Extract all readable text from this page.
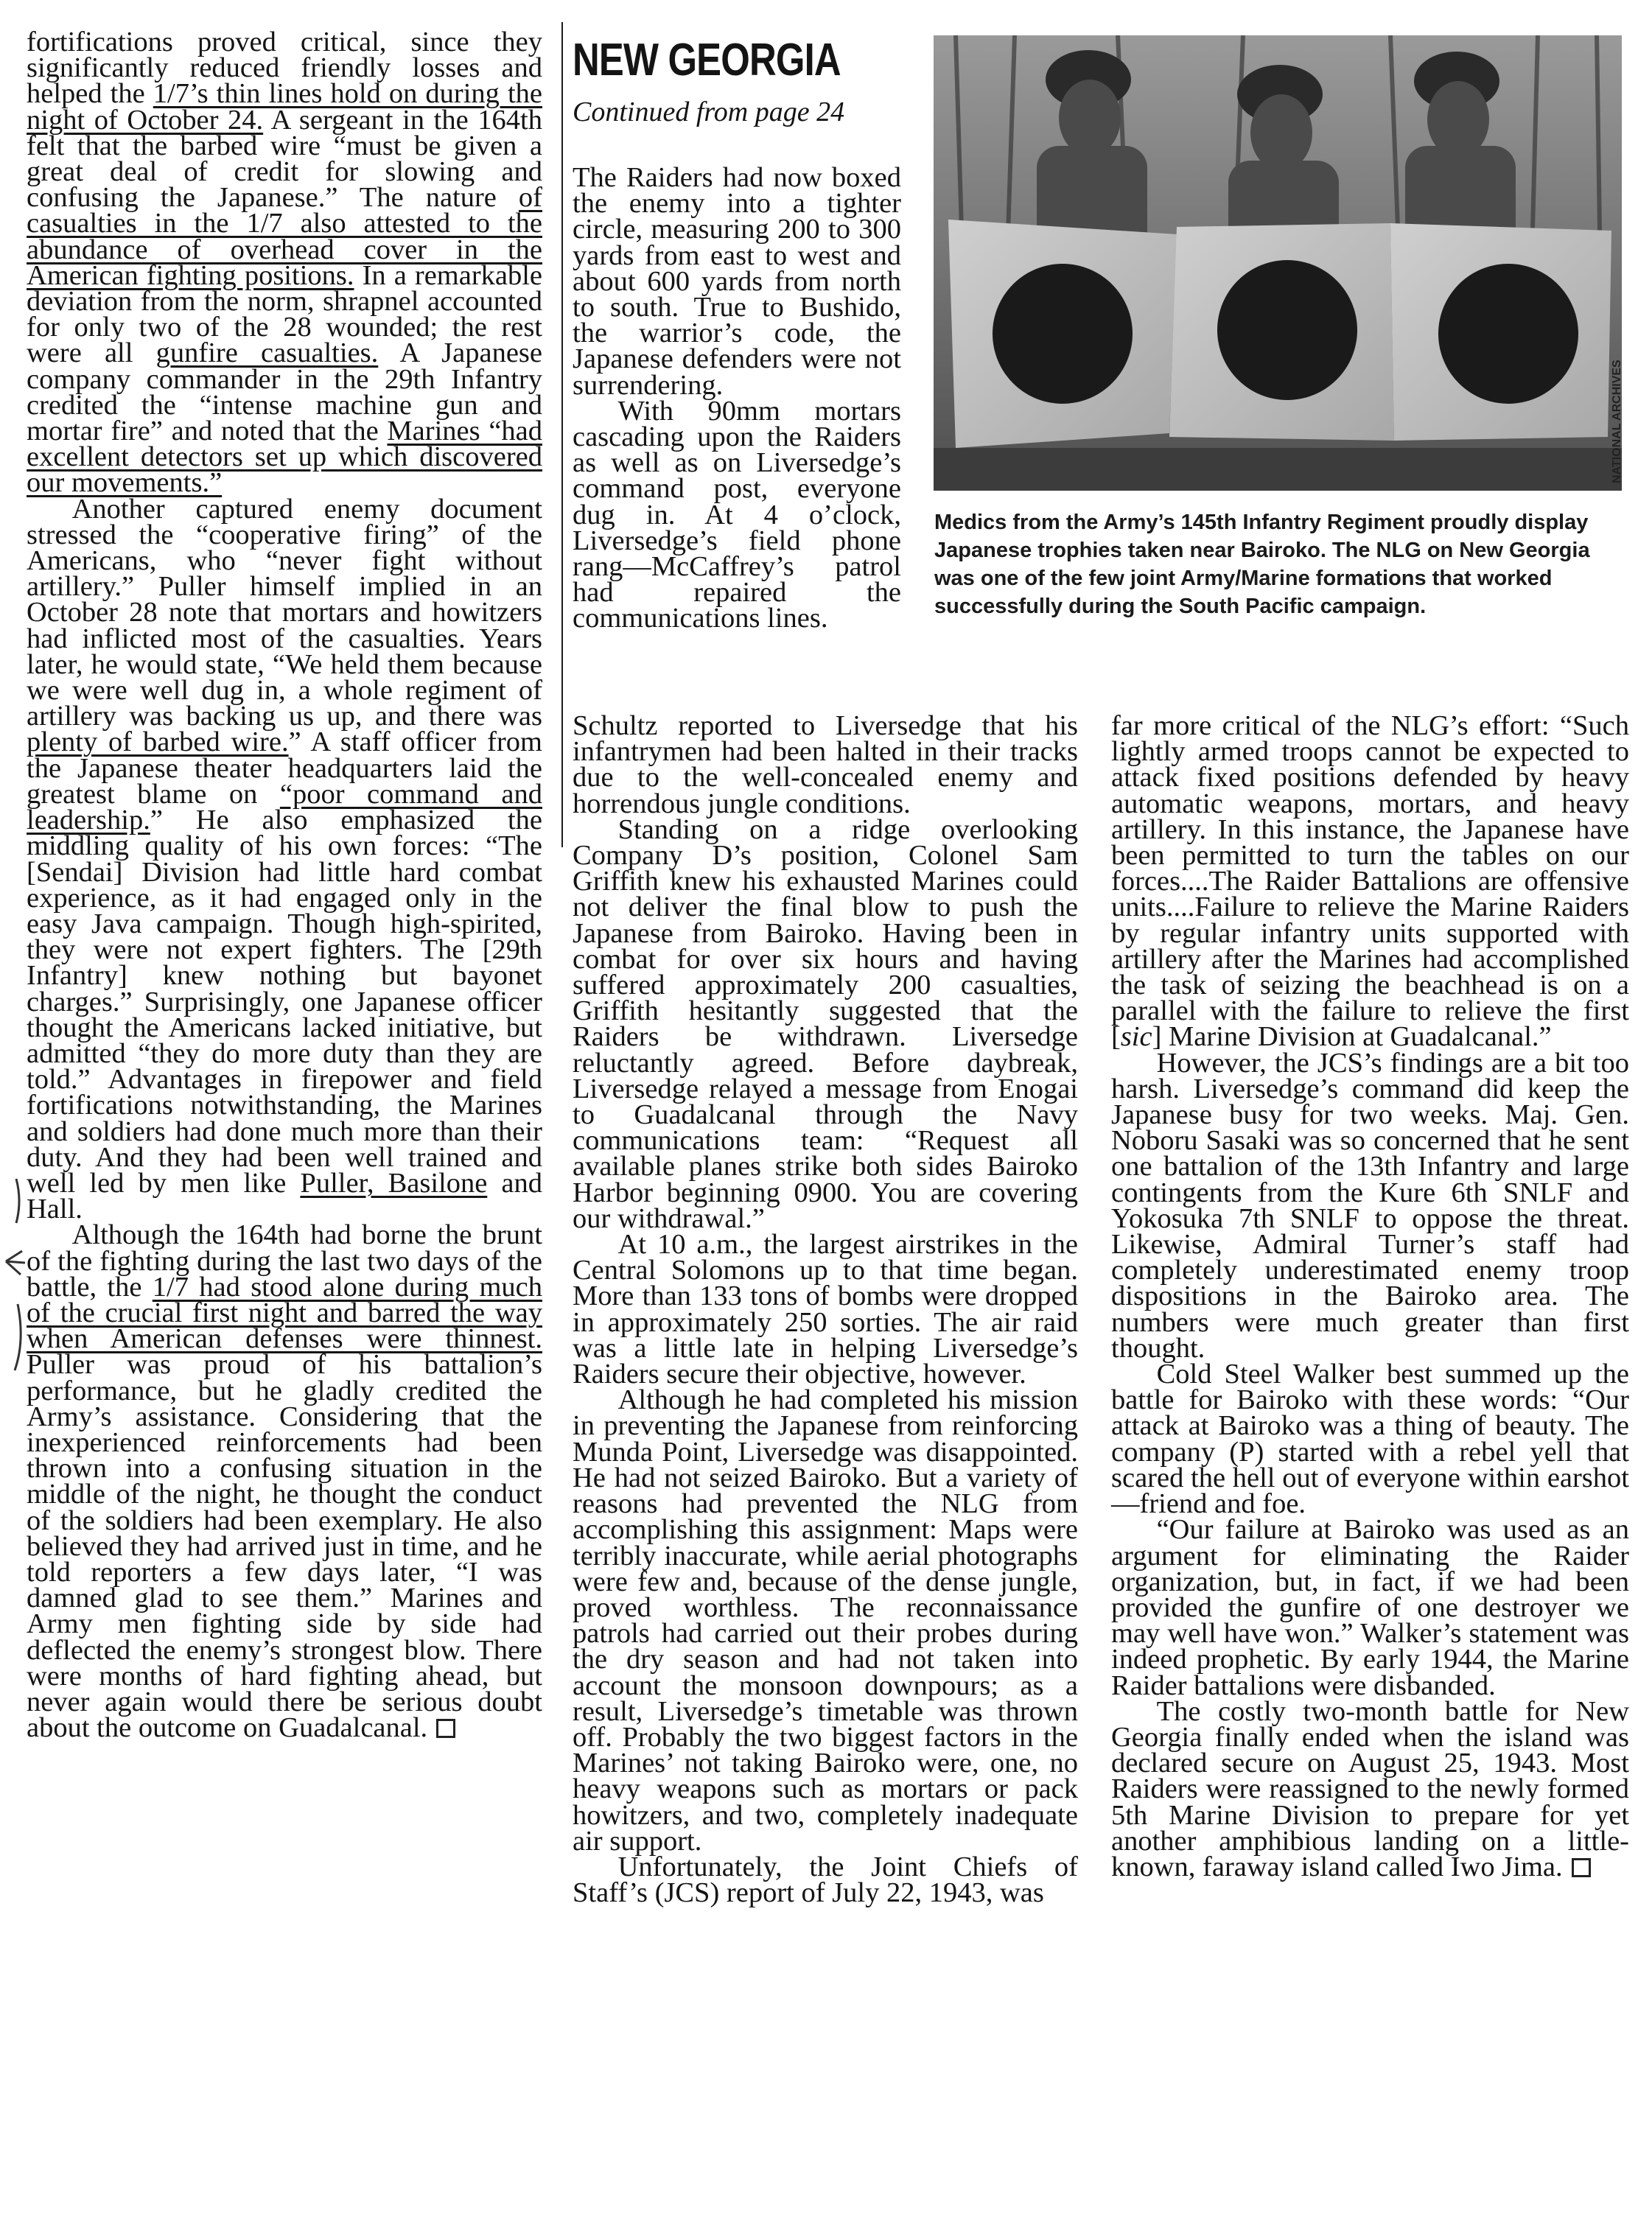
fortifications proved critical, since they significantly reduced friendly losses and helped the 1/7’s thin lines hold on during the night of October 24. A sergeant in the 164th felt that the barbed wire “must be given a great deal of credit for slowing and confusing the Japanese.” The nature of casualties in the 1/7 also attested to the abundance of overhead cover in the American fighting positions. In a remarkable deviation from the norm, shrapnel accounted for only two of the 28 wounded; the rest were all gunfire casualties. A Japanese company commander in the 29th Infantry credited the “intense machine gun and mortar fire” and noted that the Marines “had excellent detectors set up which discovered our movements.”

Another captured enemy document stressed the “cooperative firing” of the Americans, who “never fight without artillery.” Puller himself implied in an October 28 note that mortars and howitzers had inflicted most of the casualties. Years later, he would state, “We held them because we were well dug in, a whole regiment of artillery was backing us up, and there was plenty of barbed wire.” A staff officer from the Japanese theater headquarters laid the greatest blame on “poor command and leadership.” He also emphasized the middling quality of his own forces: “The [Sendai] Division had little hard combat experience, as it had engaged only in the easy Java campaign. Though high-spirited, they were not expert fighters. The [29th Infantry] knew nothing but bayonet charges.” Surprisingly, one Japanese officer thought the Americans lacked initiative, but admitted “they do more duty than they are told.” Advantages in firepower and field fortifications notwithstanding, the Marines and soldiers had done much more than their duty. And they had been well trained and well led by men like Puller, Basilone and Hall.

Although the 164th had borne the brunt of the fighting during the last two days of the battle, the 1/7 had stood alone during much of the crucial first night and barred the way when American defenses were thinnest. Puller was proud of his battalion’s performance, but he gladly credited the Army’s assistance. Considering that the inexperienced reinforcements had been thrown into a confusing situation in the middle of the night, he thought the conduct of the soldiers had been exemplary. He also believed they had arrived just in time, and he told reporters a few days later, “I was damned glad to see them.” Marines and Army men fighting side by side had deflected the enemy’s strongest blow. There were months of hard fighting ahead, but never again would there be serious doubt about the outcome on Guadalcanal.

NEW GEORGIA
Continued from page 24

The Raiders had now boxed the enemy into a tighter circle, measuring 200 to 300 yards from east to west and about 600 yards from north to south. True to Bushido, the warrior’s code, the Japanese defenders were not surrendering.

With 90mm mortars cascading upon the Raiders as well as on Liversedge’s command post, everyone dug in. At 4 o’clock, Liversedge’s field phone rang—McCaffrey’s patrol had repaired the communications lines.

NATIONAL ARCHIVES
Medics from the Army’s 145th Infantry Regiment proudly display Japanese trophies taken near Bairoko. The NLG on New Georgia was one of the few joint Army/Marine formations that worked successfully during the South Pacific campaign.

Schultz reported to Liversedge that his infantrymen had been halted in their tracks due to the well-concealed enemy and horrendous jungle conditions.

Standing on a ridge overlooking Company D’s position, Colonel Sam Griffith knew his exhausted Marines could not deliver the final blow to push the Japanese from Bairoko. Having been in combat for over six hours and having suffered approximately 200 casualties, Griffith hesitantly suggested that the Raiders be withdrawn. Liversedge reluctantly agreed. Before daybreak, Liversedge relayed a message from Enogai to Guadalcanal through the Navy communications team: “Request all available planes strike both sides Bairoko Harbor beginning 0900. You are covering our withdrawal.”

At 10 a.m., the largest airstrikes in the Central Solomons up to that time began. More than 133 tons of bombs were dropped in approximately 250 sorties. The air raid was a little late in helping Liversedge’s Raiders secure their objective, however.

Although he had completed his mission in preventing the Japanese from reinforcing Munda Point, Liversedge was disappointed. He had not seized Bairoko. But a variety of reasons had prevented the NLG from accomplishing this assignment: Maps were terribly inaccurate, while aerial photographs were few and, because of the dense jungle, proved worthless. The reconnaissance patrols had carried out their probes during the dry season and had not taken into account the monsoon downpours; as a result, Liversedge’s timetable was thrown off. Probably the two biggest factors in the Marines’ not taking Bairoko were, one, no heavy weapons such as mortars or pack howitzers, and two, completely inadequate air support.

Unfortunately, the Joint Chiefs of Staff’s (JCS) report of July 22, 1943, was

far more critical of the NLG’s effort: “Such lightly armed troops cannot be expected to attack fixed positions defended by heavy automatic weapons, mortars, and heavy artillery. In this instance, the Japanese have been permitted to turn the tables on our forces....The Raider Battalions are offensive units....Failure to relieve the Marine Raiders by regular infantry units supported with artillery after the Marines had accomplished the task of seizing the beachhead is on a parallel with the failure to relieve the first [sic] Marine Division at Guadalcanal.”

However, the JCS’s findings are a bit too harsh. Liversedge’s command did keep the Japanese busy for two weeks. Maj. Gen. Noboru Sasaki was so concerned that he sent one battalion of the 13th Infantry and large contingents from the Kure 6th SNLF and Yokosuka 7th SNLF to oppose the threat. Likewise, Admiral Turner’s staff had completely underestimated enemy troop dispositions in the Bairoko area. The numbers were much greater than first thought.

Cold Steel Walker best summed up the battle for Bairoko with these words: “Our attack at Bairoko was a thing of beauty. The company (P) started with a rebel yell that scared the hell out of everyone within earshot—friend and foe.

“Our failure at Bairoko was used as an argument for eliminating the Raider organization, but, in fact, if we had been provided the gunfire of one destroyer we may well have won.” Walker’s statement was indeed prophetic. By early 1944, the Marine Raider battalions were disbanded.

The costly two-month battle for New Georgia finally ended when the island was declared secure on August 25, 1943. Most Raiders were reassigned to the newly formed 5th Marine Division to prepare for yet another amphibious landing on a little-known, faraway island called Iwo Jima.
